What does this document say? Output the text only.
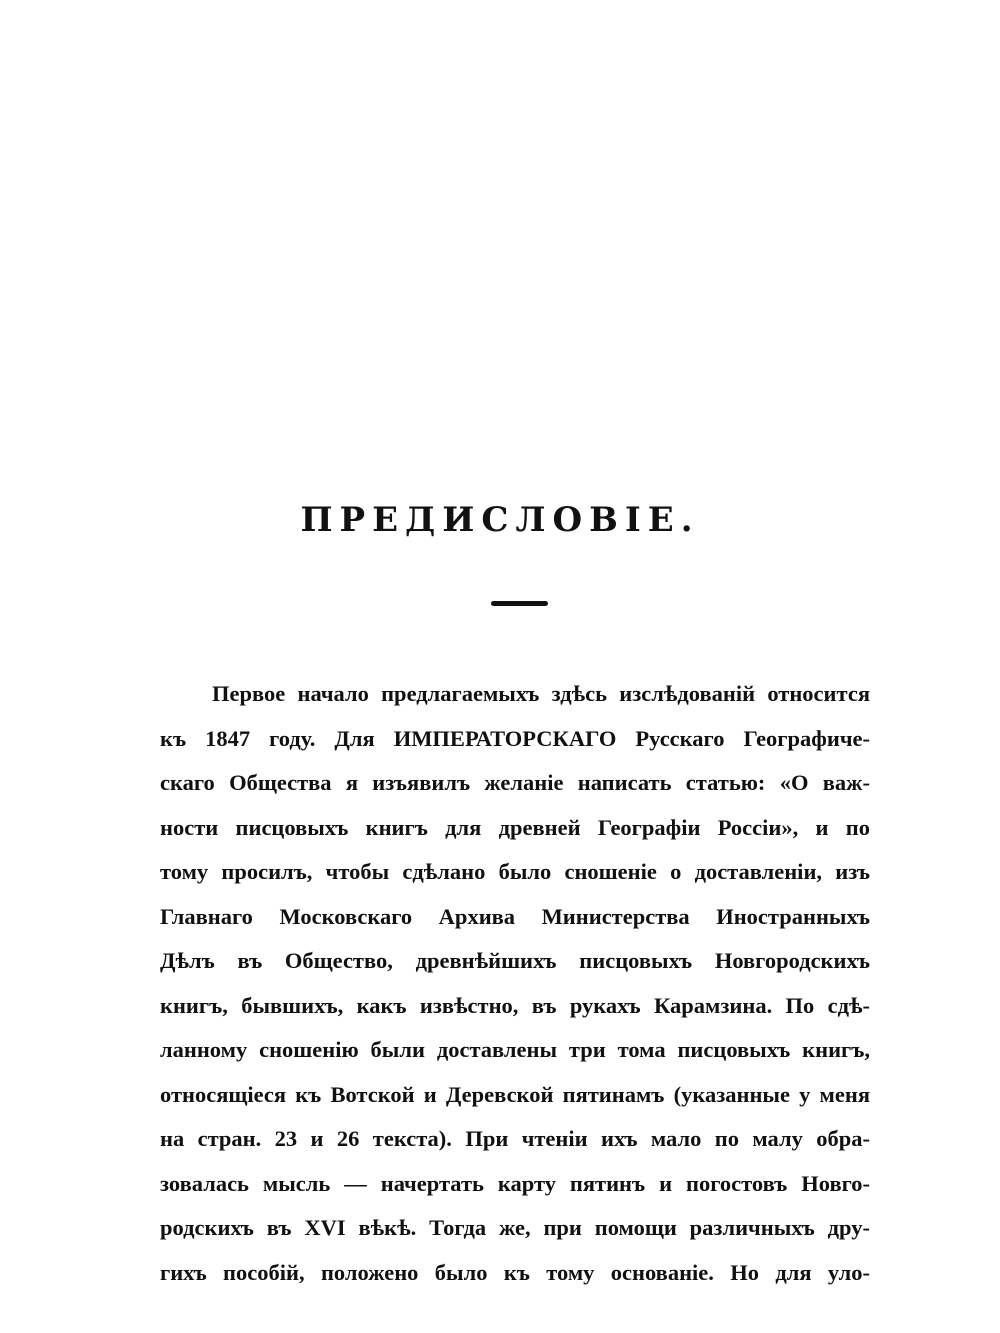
ПРЕДИСЛОВІЕ.
Первое начало предлагаемыхъ здѣсь изслѣдованій относится
къ 1847 году. Для ИМПЕРАТОРСКАГО Русскаго Географиче-
скаго Общества я изъявилъ желаніе написать статью: «О важ-
ности писцовыхъ книгъ для древней Географіи Россіи», и по
тому просилъ, чтобы сдѣлано было сношеніе о доставленіи, изъ
Главнаго Московскаго Архива Министерства Иностранныхъ
Дѣлъ въ Общество, древнѣйшихъ писцовыхъ Новгородскихъ
книгъ, бывшихъ, какъ извѣстно, въ рукахъ Карамзина. По сдѣ-
ланному сношенію были доставлены три тома писцовыхъ книгъ,
относящіеся къ Вотской и Деревской пятинамъ (указанные у меня
на стран. 23 и 26 текста). При чтеніи ихъ мало по малу обра-
зовалась мысль — начертать карту пятинъ и погостовъ Новго-
родскихъ въ XVI вѣкѣ. Тогда же, при помощи различныхъ дру-
гихъ пособій, положено было къ тому основаніе. Но для уло-
